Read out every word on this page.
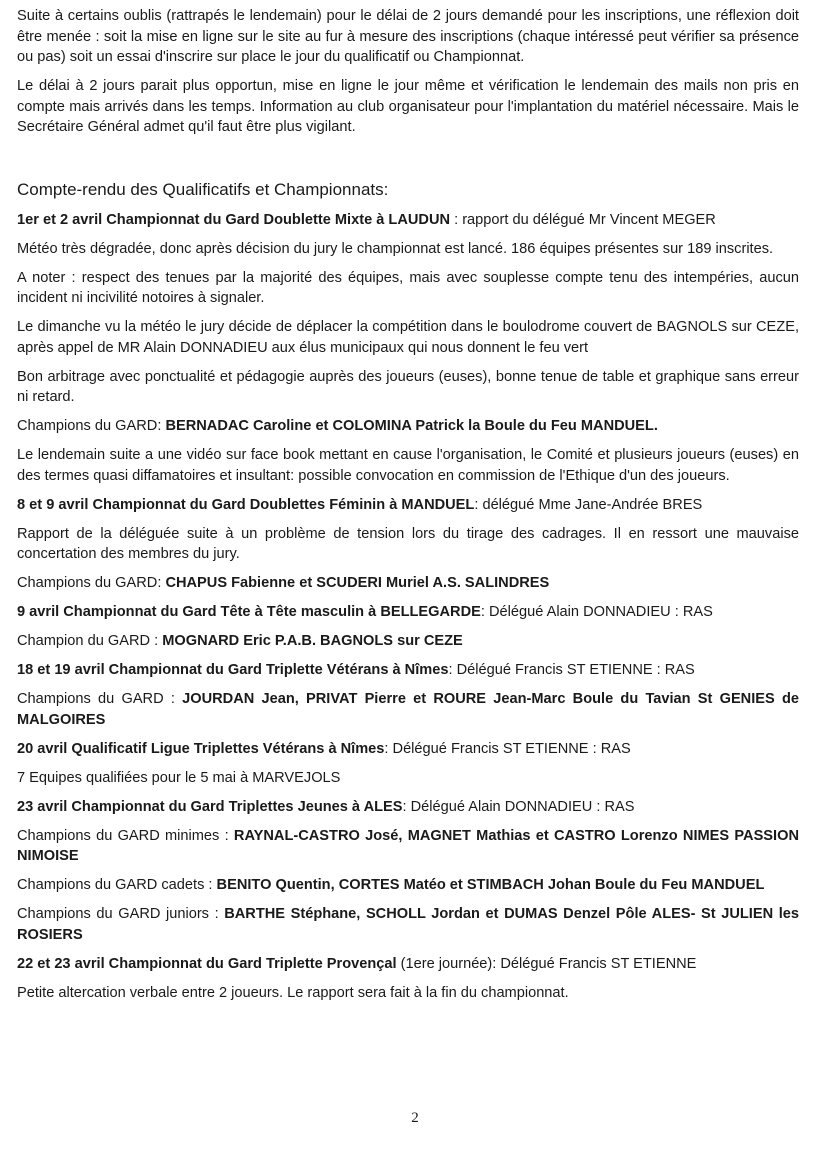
Suite à certains oublis (rattrapés le lendemain) pour le délai de 2 jours demandé pour les inscriptions, une réflexion doit être menée : soit la mise en ligne sur le site au fur à mesure des inscriptions (chaque intéressé peut vérifier sa présence ou pas) soit un essai d'inscrire sur place le jour du qualificatif ou Championnat.

Le délai à 2 jours parait plus opportun, mise en ligne le jour même et vérification le lendemain des mails non pris en compte mais arrivés dans les temps. Information au club organisateur pour l'implantation du matériel nécessaire. Mais le Secrétaire Général admet qu'il faut être plus vigilant.

Compte-rendu des Qualificatifs et Championnats:

1er et 2 avril Championnat du Gard Doublette Mixte à LAUDUN : rapport du délégué Mr Vincent MEGER

Météo très dégradée, donc après décision du jury le championnat est lancé. 186 équipes présentes sur 189 inscrites.

A noter : respect des tenues par la majorité des équipes, mais avec souplesse compte tenu des intempéries, aucun incident ni incivilité notoires à signaler.

Le dimanche vu la météo le jury décide de déplacer la compétition dans le boulodrome couvert de BAGNOLS sur CEZE, après appel de MR Alain DONNADIEU aux élus municipaux qui nous donnent le feu vert

Bon arbitrage avec ponctualité et pédagogie auprès des joueurs (euses), bonne tenue de table et graphique sans erreur ni retard.

Champions du GARD: BERNADAC Caroline et COLOMINA Patrick la Boule du Feu MANDUEL.

Le lendemain suite a une vidéo sur face book mettant en cause l'organisation, le Comité et plusieurs joueurs (euses) en des termes quasi diffamatoires et insultant: possible convocation en commission de l'Ethique d'un des joueurs.

8 et 9 avril Championnat du Gard Doublettes Féminin à MANDUEL: délégué Mme Jane-Andrée BRES

Rapport de la déléguée suite à un problème de tension lors du tirage des cadrages. Il en ressort une mauvaise concertation des membres du jury.

Champions du GARD: CHAPUS Fabienne et SCUDERI Muriel A.S. SALINDRES

9 avril Championnat du Gard Tête à Tête masculin à BELLEGARDE: Délégué Alain DONNADIEU : RAS

Champion du GARD : MOGNARD Eric P.A.B. BAGNOLS sur CEZE

18 et 19 avril Championnat du Gard Triplette Vétérans à Nîmes: Délégué Francis ST ETIENNE : RAS

Champions du GARD : JOURDAN Jean, PRIVAT Pierre et ROURE Jean-Marc Boule du Tavian St GENIES de MALGOIRES

20 avril Qualificatif Ligue Triplettes Vétérans à Nîmes: Délégué Francis ST ETIENNE : RAS

7 Equipes qualifiées pour le 5 mai à MARVEJOLS

23 avril Championnat du Gard Triplettes Jeunes à ALES: Délégué Alain DONNADIEU : RAS

Champions du GARD minimes : RAYNAL-CASTRO José, MAGNET Mathias et CASTRO Lorenzo NIMES PASSION NIMOISE

Champions du GARD cadets : BENITO Quentin, CORTES Matéo et STIMBACH Johan Boule du Feu MANDUEL

Champions du GARD juniors : BARTHE Stéphane, SCHOLL Jordan et DUMAS Denzel Pôle ALES- St JULIEN les ROSIERS

22 et 23 avril Championnat du Gard Triplette Provençal (1ere journée): Délégué Francis ST ETIENNE

Petite altercation verbale entre 2 joueurs. Le rapport sera fait à la fin du championnat.

2
